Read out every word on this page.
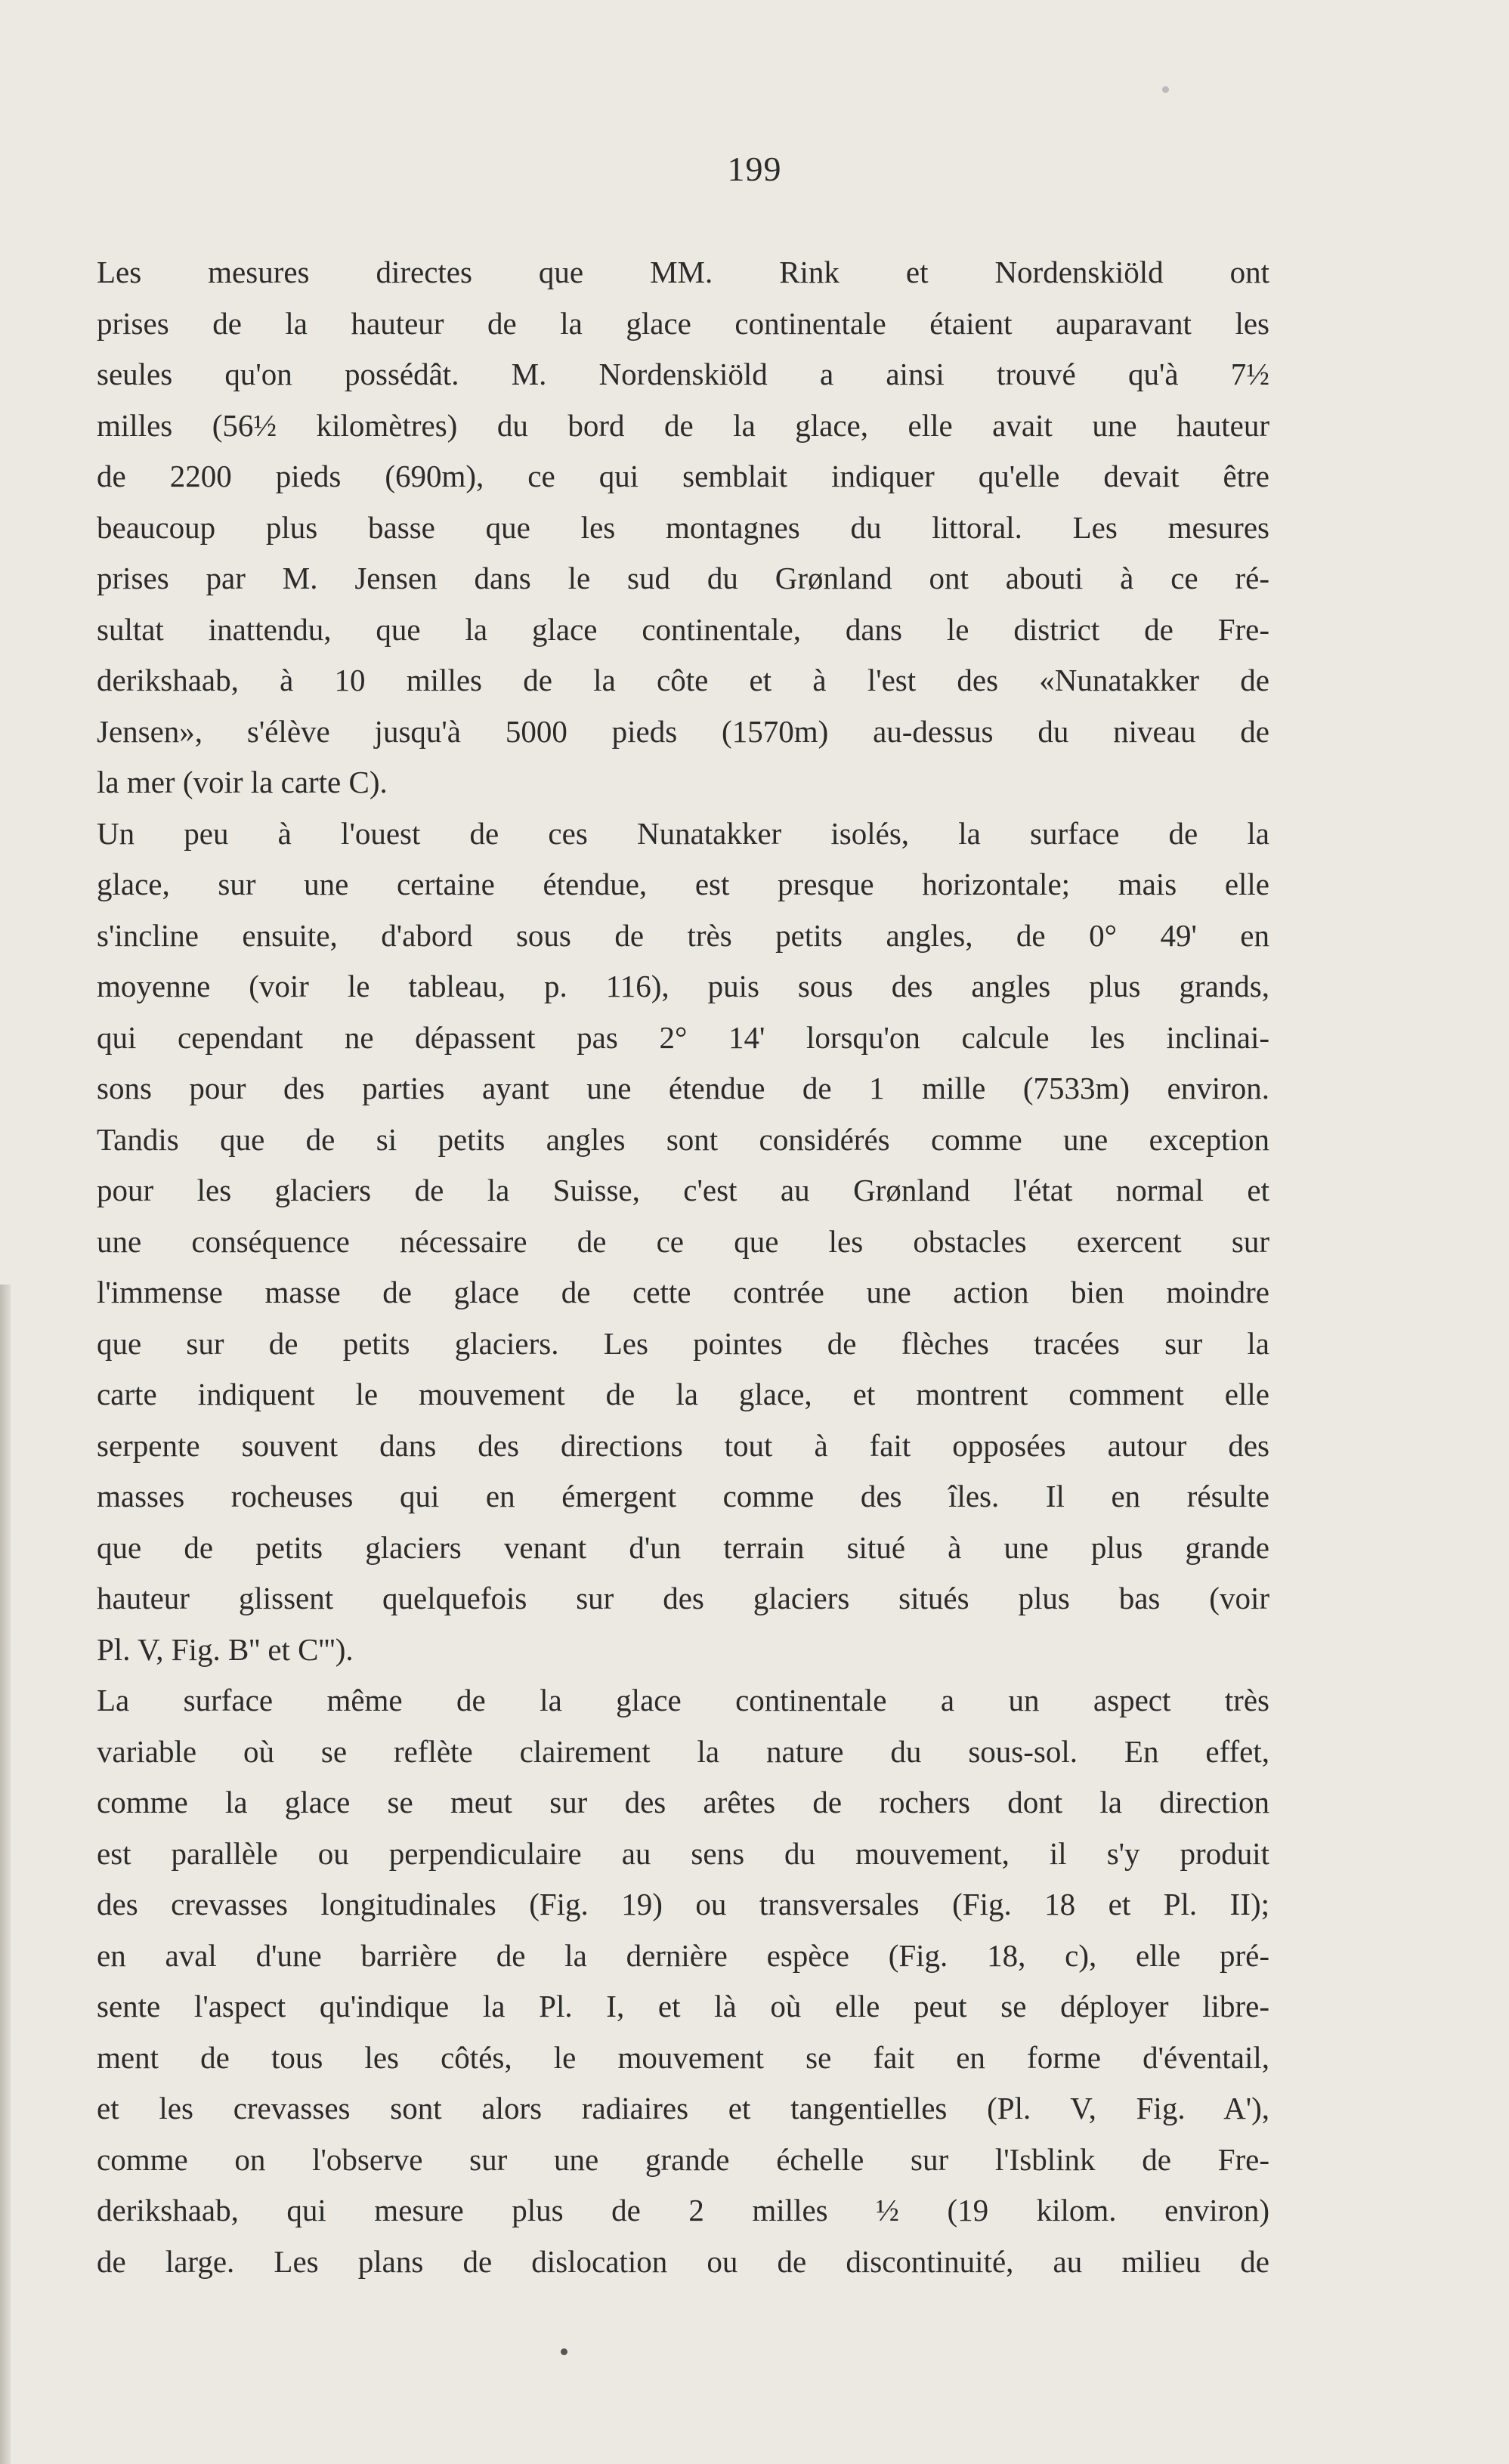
199
Les mesures directes que MM. Rink et Nordenskiöld ont
prises de la hauteur de la glace continentale étaient auparavant les
seules qu'on possédât. M. Nordenskiöld a ainsi trouvé qu'à 7½
milles (56½ kilomètres) du bord de la glace, elle avait une hauteur
de 2200 pieds (690m), ce qui semblait indiquer qu'elle devait être
beaucoup plus basse que les montagnes du littoral. Les mesures
prises par M. Jensen dans le sud du Grønland ont abouti à ce ré-
sultat inattendu, que la glace continentale, dans le district de Fre-
derikshaab, à 10 milles de la côte et à l'est des «Nunatakker de
Jensen», s'élève jusqu'à 5000 pieds (1570m) au-dessus du niveau de
la mer (voir la carte C).
Un peu à l'ouest de ces Nunatakker isolés, la surface de la
glace, sur une certaine étendue, est presque horizontale; mais elle
s'incline ensuite, d'abord sous de très petits angles, de 0° 49' en
moyenne (voir le tableau, p. 116), puis sous des angles plus grands,
qui cependant ne dépassent pas 2° 14' lorsqu'on calcule les inclinai-
sons pour des parties ayant une étendue de 1 mille (7533m) environ.
Tandis que de si petits angles sont considérés comme une exception
pour les glaciers de la Suisse, c'est au Grønland l'état normal et
une conséquence nécessaire de ce que les obstacles exercent sur
l'immense masse de glace de cette contrée une action bien moindre
que sur de petits glaciers. Les pointes de flèches tracées sur la
carte indiquent le mouvement de la glace, et montrent comment elle
serpente souvent dans des directions tout à fait opposées autour des
masses rocheuses qui en émergent comme des îles. Il en résulte
que de petits glaciers venant d'un terrain situé à une plus grande
hauteur glissent quelquefois sur des glaciers situés plus bas (voir
Pl. V, Fig. B'' et C''').
La surface même de la glace continentale a un aspect très
variable où se reflète clairement la nature du sous-sol. En effet,
comme la glace se meut sur des arêtes de rochers dont la direction
est parallèle ou perpendiculaire au sens du mouvement, il s'y produit
des crevasses longitudinales (Fig. 19) ou transversales (Fig. 18 et Pl. II);
en aval d'une barrière de la dernière espèce (Fig. 18, c), elle pré-
sente l'aspect qu'indique la Pl. I, et là où elle peut se déployer libre-
ment de tous les côtés, le mouvement se fait en forme d'éventail,
et les crevasses sont alors radiaires et tangentielles (Pl. V, Fig. A'),
comme on l'observe sur une grande échelle sur l'Isblink de Fre-
derikshaab, qui mesure plus de 2 milles ½ (19 kilom. environ)
de large. Les plans de dislocation ou de discontinuité, au milieu de
